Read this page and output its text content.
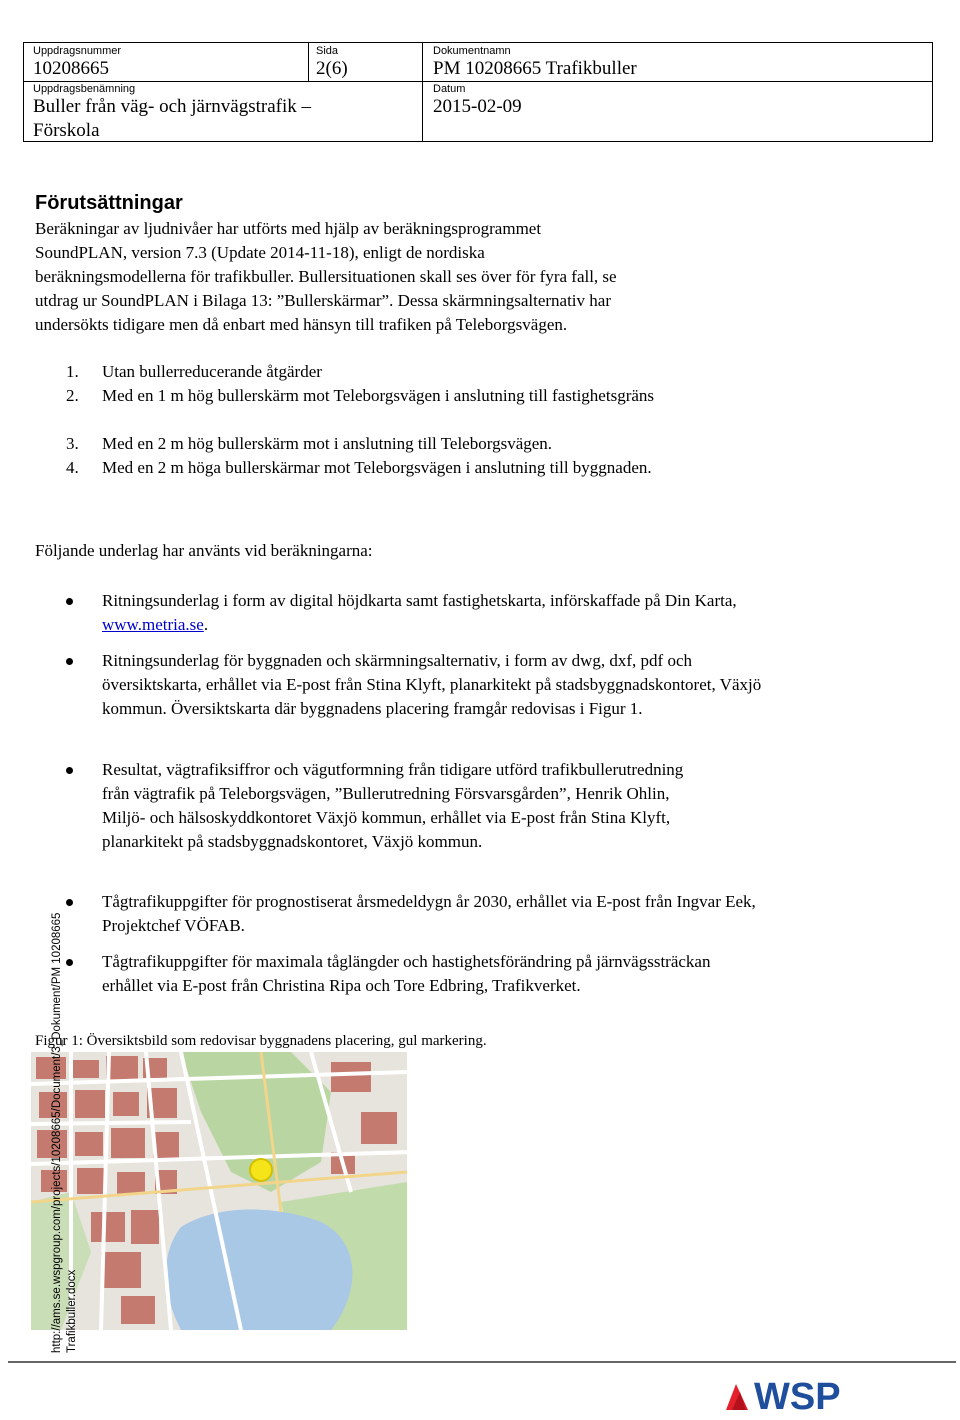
Uppdragsnummer
10208665
Sida
2(6)
Dokumentnamn
PM 10208665 Trafikbuller
Uppdragsbenämning
Buller från väg- och järnvägstrafik –
Förskola
Datum
2015-02-09
Förutsättningar

Beräkningar av ljudnivåer har utförts med hjälp av beräkningsprogrammet
SoundPLAN, version 7.3 (Update 2014-11-18), enligt de nordiska
beräkningsmodellerna för trafikbuller. Bullersituationen skall ses över för fyra fall, se
utdrag ur SoundPLAN i Bilaga 13: ”Bullerskärmar”. Dessa skärmningsalternativ har
undersökts tidigare men då enbart med hänsyn till trafiken på Teleborgsvägen.

1. Utan bullerreducerande åtgärder
2. Med en 1 m hög bullerskärm mot Teleborgsvägen i anslutning till fastighetsgräns
3. Med en 2 m hög bullerskärm mot i anslutning till Teleborgsvägen.
4. Med en 2 m höga bullerskärmar mot Teleborgsvägen i anslutning till byggnaden.

Följande underlag har använts vid beräkningarna:

Ritningsunderlag i form av digital höjdkarta samt fastighetskarta, införskaffade på Din Karta, www.metria.se.
Ritningsunderlag för byggnaden och skärmningsalternativ, i form av dwg, dxf, pdf och översiktskarta, erhållet via E-post från Stina Klyft, planarkitekt på stadsbyggnadskontoret, Växjö kommun. Översiktskarta där byggnadens placering framgår redovisas i Figur 1.
Resultat, vägtrafiksiffror och vägutformning från tidigare utförd trafikbullerutredning från vägtrafik på Teleborgsvägen, ”Bullerutredning Försvarsgården”, Henrik Ohlin, Miljö- och hälsoskyddkontoret Växjö kommun, erhållet via E-post från Stina Klyft, planarkitekt på stadsbyggnadskontoret, Växjö kommun.
Tågtrafikuppgifter för prognostiserat årsmedeldygn år 2030, erhållet via E-post från Ingvar Eek, Projektchef VÖFAB.
Tågtrafikuppgifter för maximala tåglängder och hastighetsförändring på järnvägssträckan erhållet via E-post från Christina Ripa och Tore Edbring, Trafikverket.
Figur 1: Översiktsbild som redovisar byggnadens placering, gul markering.
http://ams.se.wspgroup.com/projects/10208665/Document/3_Dokument/PM 10208665 Trafikbuller.docx
WSP
